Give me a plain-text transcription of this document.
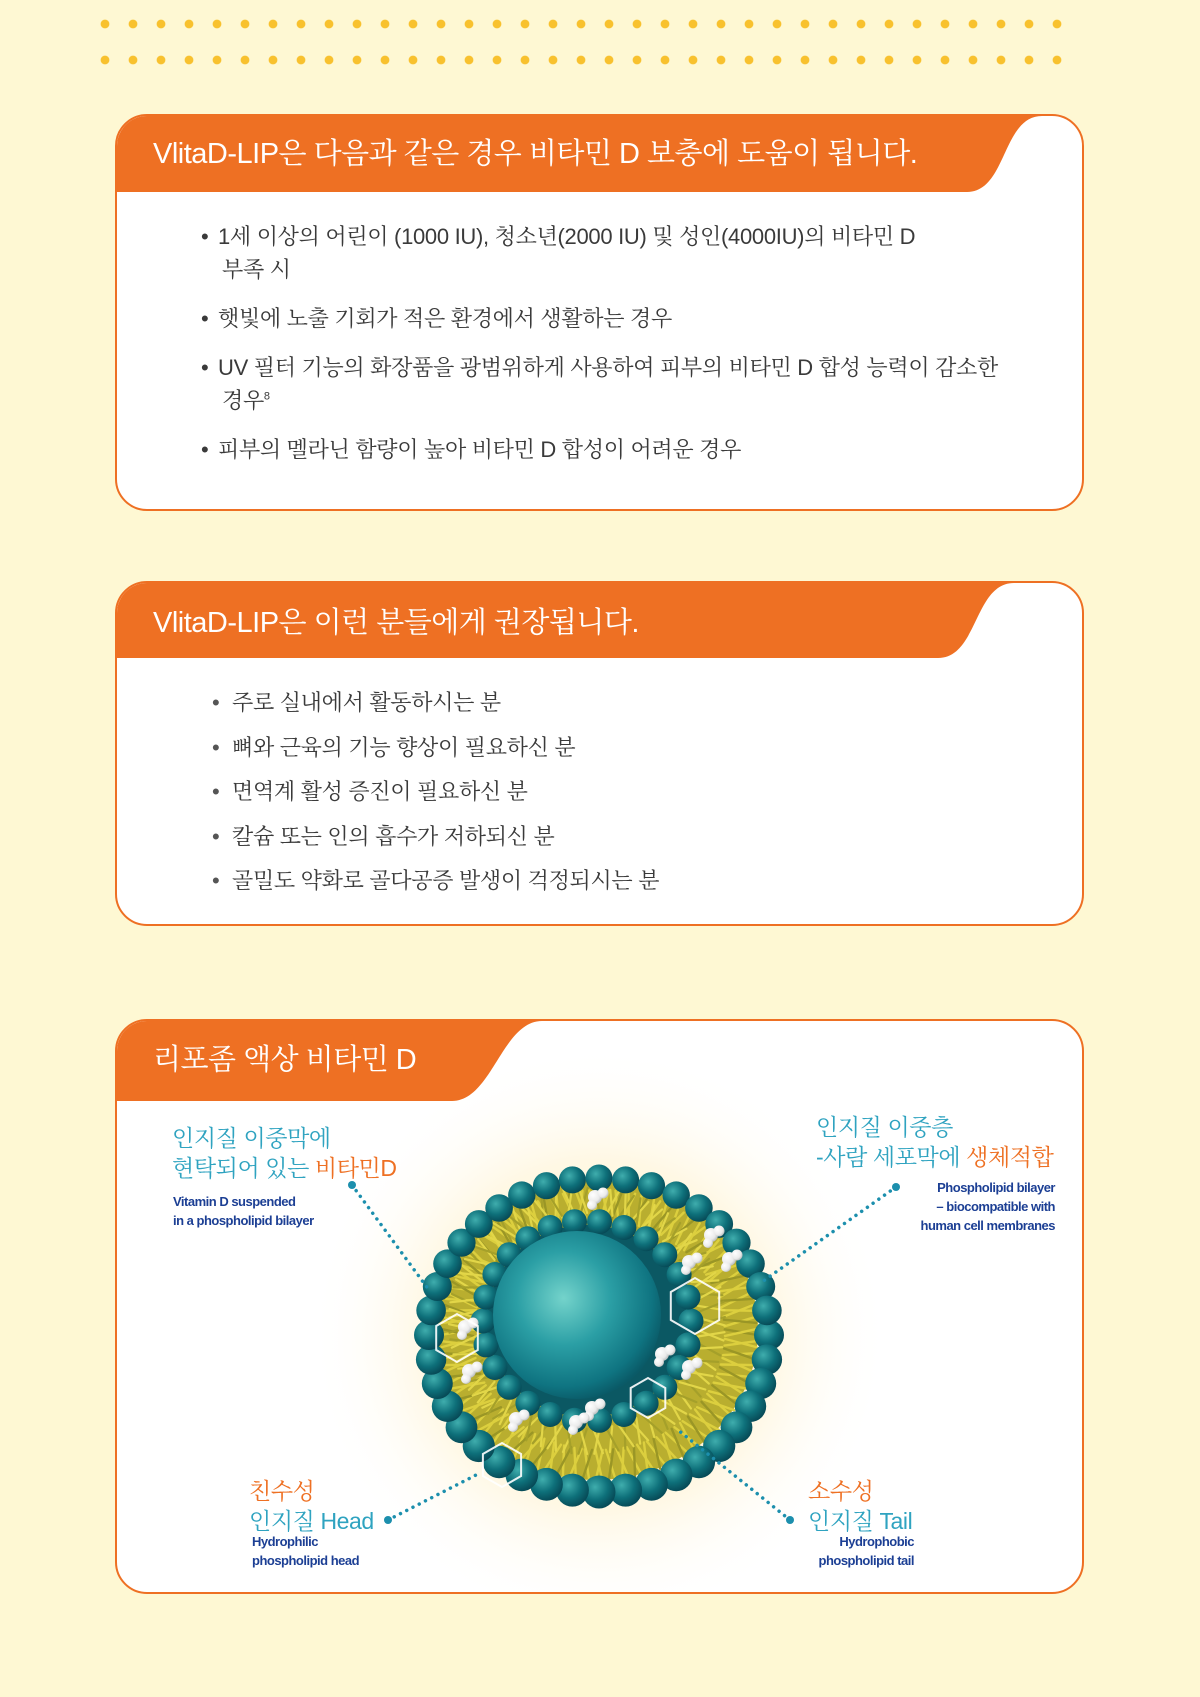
VlitaD-LIP은 다음과 같은 경우 비타민 D 보충에 도움이 됩니다.
• 1세 이상의 어린이 (1000 IU), 청소년(2000 IU) 및 성인(4000IU)의 비타민 D
부족 시
• 햇빛에 노출 기회가 적은 환경에서 생활하는 경우
• UV 필터 기능의 화장품을 광범위하게 사용하여 피부의 비타민 D 합성 능력이 감소한
경우$^8$
• 피부의 멜라닌 함량이 높아 비타민 D 합성이 어려운 경우
VlitaD-LIP은 이런 분들에게 권장됩니다.
• 주로 실내에서 활동하시는 분
• 뼈와 근육의 기능 향상이 필요하신 분
• 면역계 활성 증진이 필요하신 분
• 칼슘 또는 인의 흡수가 저하되신 분
• 골밀도 약화로 골다공증 발생이 걱정되시는 분
리포좀 액상 비타민 D
인지질 이중막에
현탁되어 있는 비타민D
Vitamin D suspended
in a phospholipid bilayer
인지질 이중층
-사람 세포막에 생체적합
Phospholipid bilayer
– biocompatible with
human cell membranes
친수성
인지질 Head
Hydrophilic
phospholipid head
소수성
인지질 Tail
Hydrophobic
phospholipid tail
